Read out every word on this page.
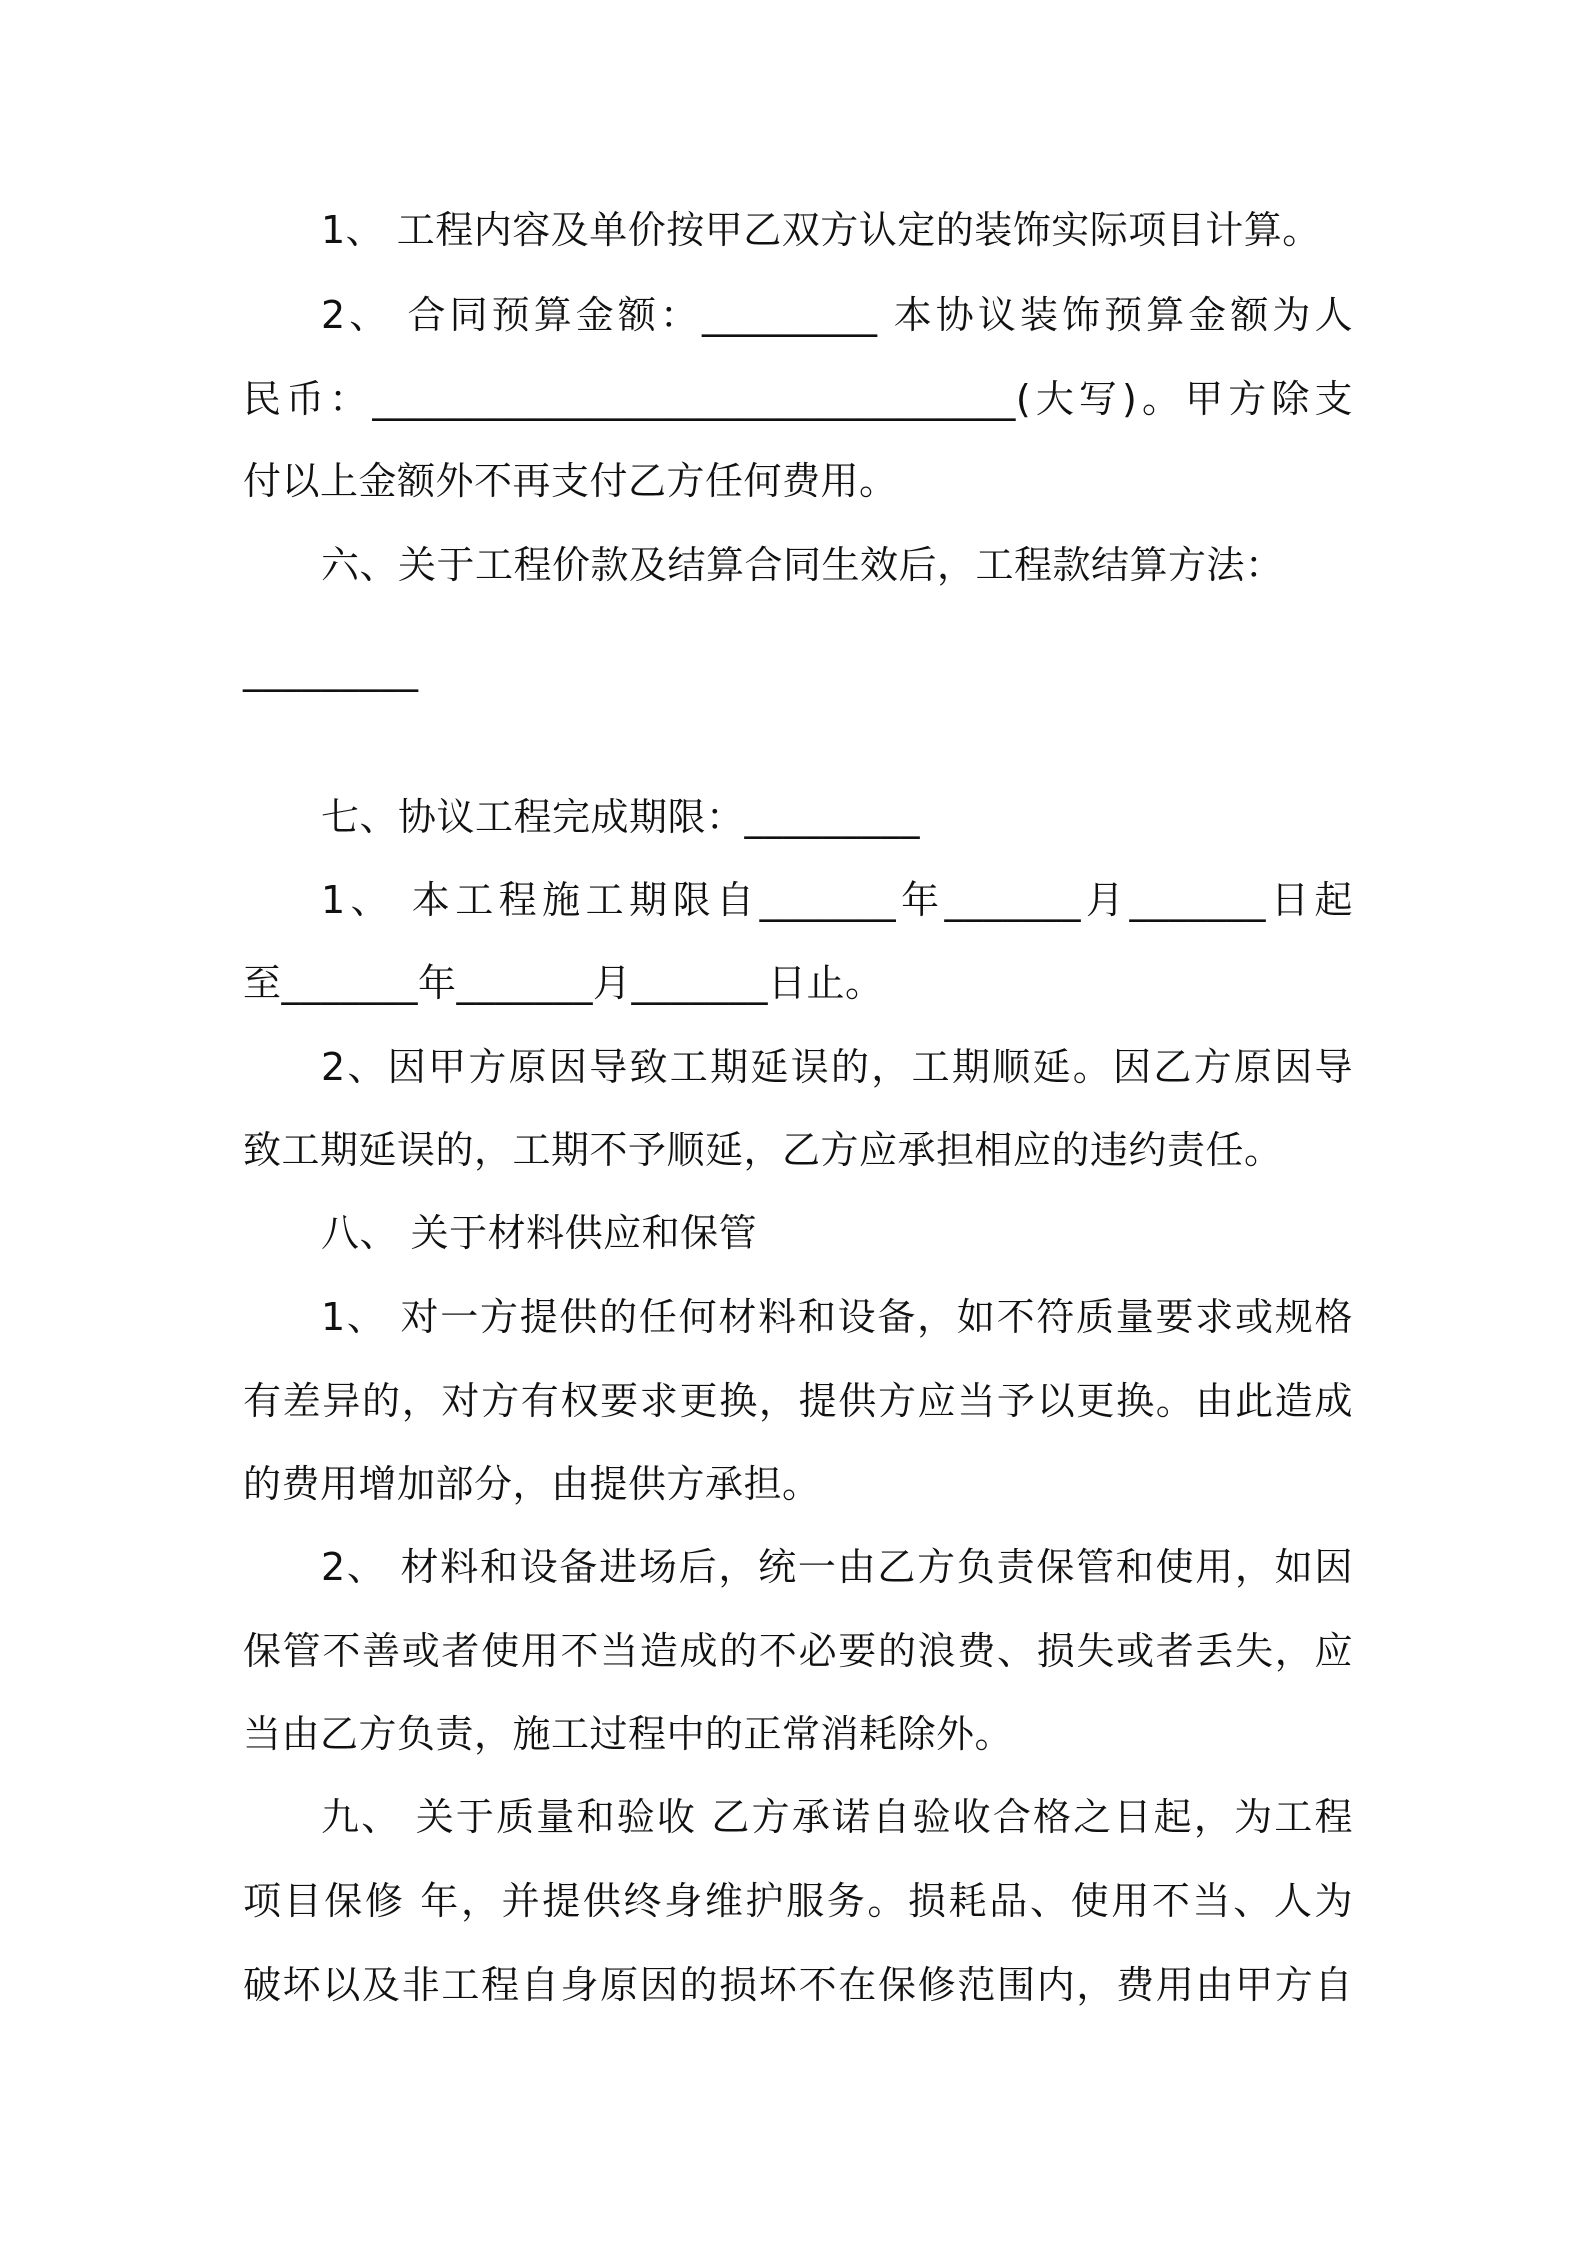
1、 工程内容及单价按甲乙双方认定的装饰实际项目计算。
2、 合同预算金额：_________ 本协议装饰预算金额为人
民币：_________________________________(大写)。甲方除支
付以上金额外不再支付乙方任何费用。
六、关于工程价款及结算合同生效后，工程款结算方法：
_________
七、协议工程完成期限：_________
1、 本工程施工期限自_______年_______月_______日起
至_______年_______月_______日止。
2、因甲方原因导致工期延误的，工期顺延。因乙方原因导
致工期延误的，工期不予顺延，乙方应承担相应的违约责任。
八、 关于材料供应和保管
1、 对一方提供的任何材料和设备，如不符质量要求或规格
有差异的，对方有权要求更换，提供方应当予以更换。由此造成
的费用增加部分，由提供方承担。
2、 材料和设备进场后，统一由乙方负责保管和使用，如因
保管不善或者使用不当造成的不必要的浪费、损失或者丢失，应
当由乙方负责，施工过程中的正常消耗除外。
九、 关于质量和验收 乙方承诺自验收合格之日起，为工程
项目保修 年，并提供终身维护服务。损耗品、使用不当、人为
破坏以及非工程自身原因的损坏不在保修范围内，费用由甲方自
